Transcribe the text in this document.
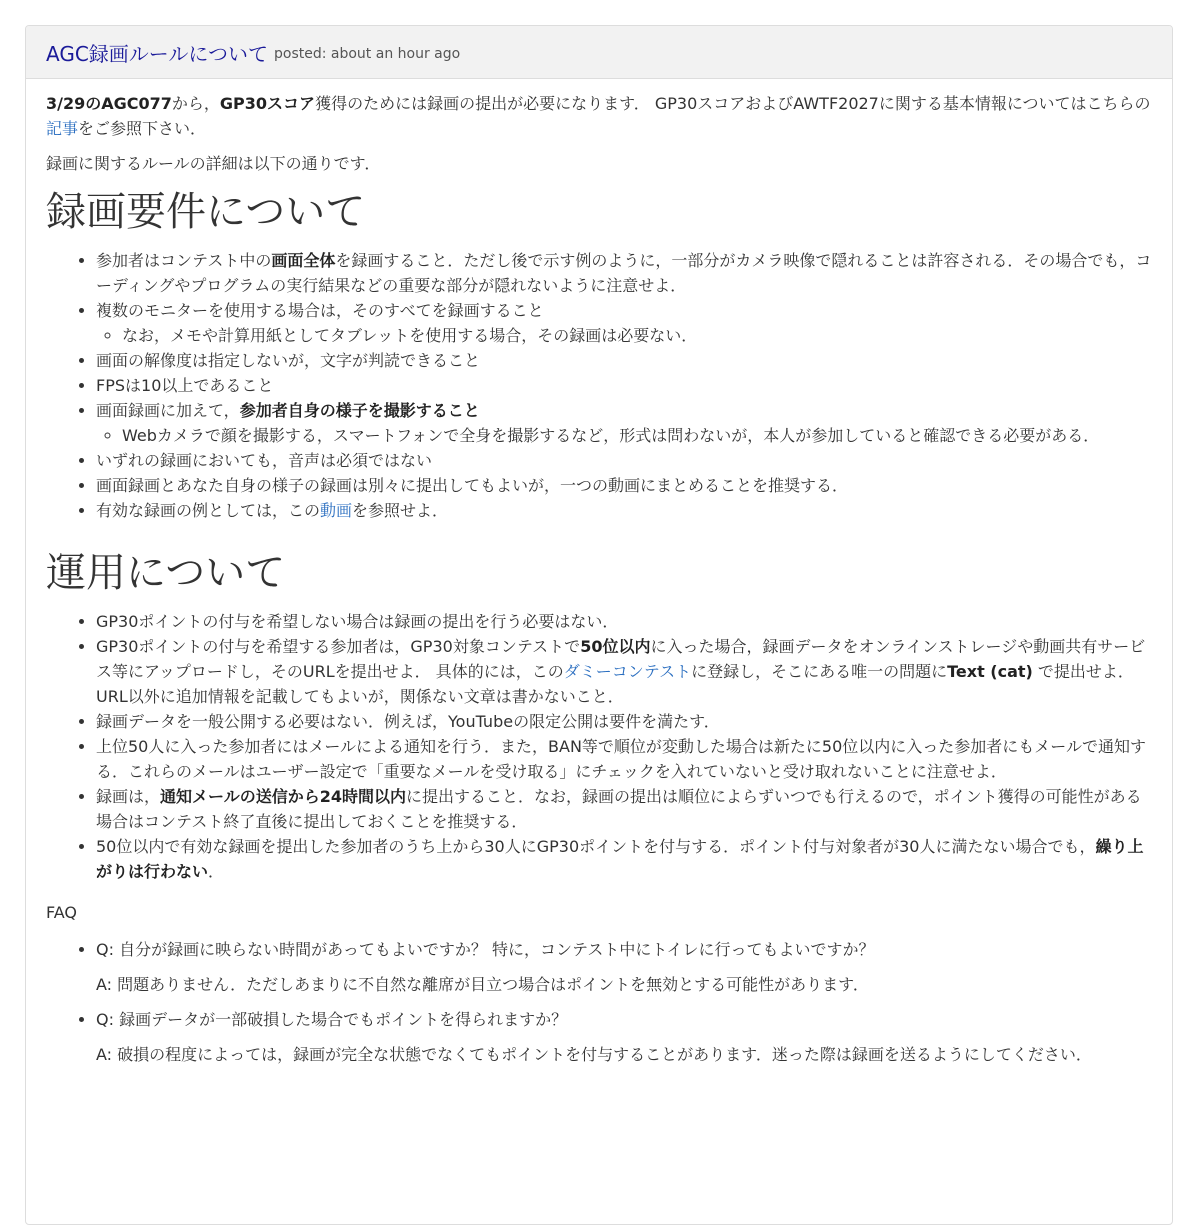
AGC録画ルールについて posted: about an hour ago

3/29のAGC077から，GP30スコア獲得のためには録画の提出が必要になります． GP30スコアおよびAWTF2027に関する基本情報についてはこちらの記事をご参照下さい．

録画に関するルールの詳細は以下の通りです．

録画要件について
• 参加者はコンテスト中の画面全体を録画すること．ただし後で示す例のように，一部分がカメラ映像で隠れることは許容される．その場合でも，コーディングやプログラムの実行結果などの重要な部分が隠れないように注意せよ．
• 複数のモニターを使用する場合は，そのすべてを録画すること
◦ なお，メモや計算用紙としてタブレットを使用する場合，その録画は必要ない．
• 画面の解像度は指定しないが，文字が判読できること
• FPSは10以上であること
• 画面録画に加えて，参加者自身の様子を撮影すること
◦ Webカメラで顔を撮影する，スマートフォンで全身を撮影するなど，形式は問わないが，本人が参加していると確認できる必要がある．
• いずれの録画においても，音声は必須ではない
• 画面録画とあなた自身の様子の録画は別々に提出してもよいが，一つの動画にまとめることを推奨する．
• 有効な録画の例としては，この動画を参照せよ．
運用について
• GP30ポイントの付与を希望しない場合は録画の提出を行う必要はない．
• GP30ポイントの付与を希望する参加者は，GP30対象コンテストで50位以内に入った場合，録画データをオンラインストレージや動画共有サービス等にアップロードし，そのURLを提出せよ． 具体的には，このダミーコンテストに登録し，そこにある唯一の問題にText (cat) で提出せよ．URL以外に追加情報を記載してもよいが，関係ない文章は書かないこと．
• 録画データを一般公開する必要はない．例えば，YouTubeの限定公開は要件を満たす．
• 上位50人に入った参加者にはメールによる通知を行う．また，BAN等で順位が変動した場合は新たに50位以内に入った参加者にもメールで通知する．これらのメールはユーザー設定で「重要なメールを受け取る」にチェックを入れていないと受け取れないことに注意せよ．
• 録画は，通知メールの送信から24時間以内に提出すること．なお，録画の提出は順位によらずいつでも行えるので，ポイント獲得の可能性がある場合はコンテスト終了直後に提出しておくことを推奨する．
• 50位以内で有効な録画を提出した参加者のうち上から30人にGP30ポイントを付与する．ポイント付与対象者が30人に満たない場合でも，繰り上がりは行わない．

FAQ

• Q: 自分が録画に映らない時間があってもよいですか？ 特に，コンテスト中にトイレに行ってもよいですか？

A: 問題ありません．ただしあまりに不自然な離席が目立つ場合はポイントを無効とする可能性があります．

• Q: 録画データが一部破損した場合でもポイントを得られますか？

A: 破損の程度によっては，録画が完全な状態でなくてもポイントを付与することがあります．迷った際は録画を送るようにしてください．
